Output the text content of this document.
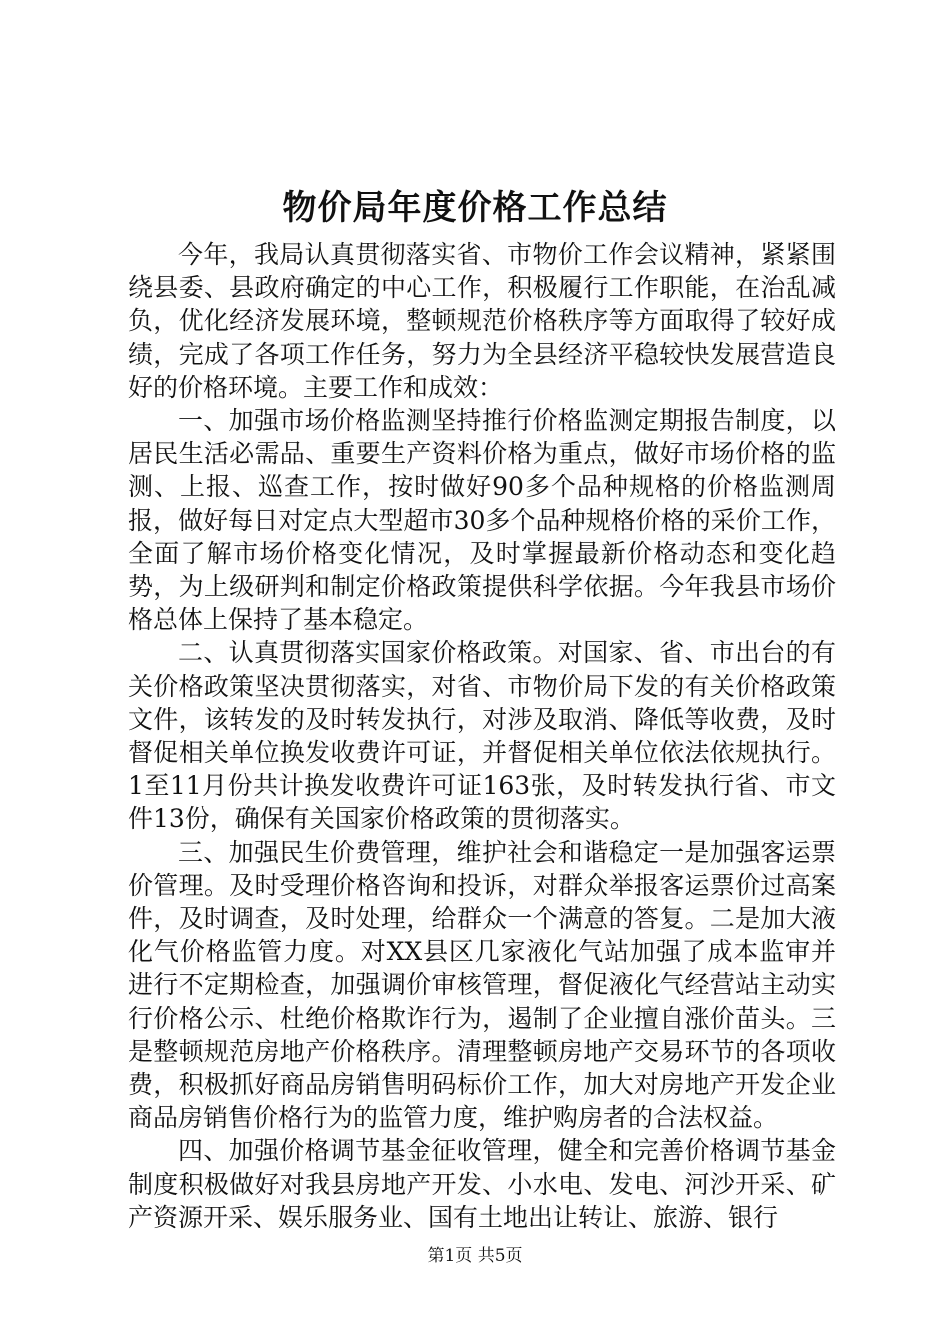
物价局年度价格工作总结

今年，我局认真贯彻落实省、市物价工作会议精神，紧紧围绕县委、县政府确定的中心工作，积极履行工作职能，在治乱减负，优化经济发展环境，整顿规范价格秩序等方面取得了较好成绩，完成了各项工作任务，努力为全县经济平稳较快发展营造良好的价格环境。主要工作和成效：

一、加强市场价格监测坚持推行价格监测定期报告制度，以居民生活必需品、重要生产资料价格为重点，做好市场价格的监测、上报、巡查工作，按时做好90多个品种规格的价格监测周报，做好每日对定点大型超市30多个品种规格价格的采价工作，全面了解市场价格变化情况，及时掌握最新价格动态和变化趋势，为上级研判和制定价格政策提供科学依据。今年我县市场价格总体上保持了基本稳定。

二、认真贯彻落实国家价格政策。对国家、省、市出台的有关价格政策坚决贯彻落实，对省、市物价局下发的有关价格政策文件，该转发的及时转发执行，对涉及取消、降低等收费，及时督促相关单位换发收费许可证，并督促相关单位依法依规执行。1至11月份共计换发收费许可证163张，及时转发执行省、市文件13份，确保有关国家价格政策的贯彻落实。

三、加强民生价费管理，维护社会和谐稳定一是加强客运票价管理。及时受理价格咨询和投诉，对群众举报客运票价过高案件，及时调查，及时处理，给群众一个满意的答复。二是加大液化气价格监管力度。对XX县区几家液化气站加强了成本监审并进行不定期检查，加强调价审核管理，督促液化气经营站主动实行价格公示、杜绝价格欺诈行为，遏制了企业擅自涨价苗头。三是整顿规范房地产价格秩序。清理整顿房地产交易环节的各项收费，积极抓好商品房销售明码标价工作，加大对房地产开发企业商品房销售价格行为的监管力度，维护购房者的合法权益。

四、加强价格调节基金征收管理，健全和完善价格调节基金制度积极做好对我县房地产开发、小水电、发电、河沙开采、矿产资源开采、娱乐服务业、国有土地出让转让、旅游、银行

第1页 共5页
